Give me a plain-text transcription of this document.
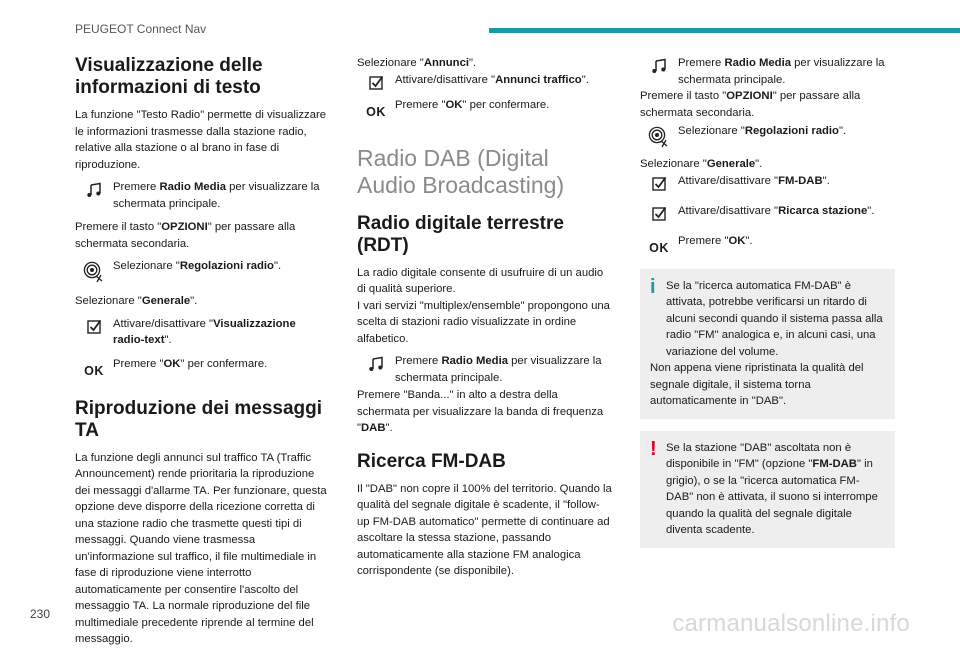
PEUGEOT Connect Nav
Visualizzazione delle informazioni di testo

La funzione "Testo Radio" permette di visualizzare le informazioni trasmesse dalla stazione radio, relative alla stazione o al brano in fase di riproduzione.

Premere Radio Media per visualizzare la schermata principale.

Premere il tasto "OPZIONI" per passare alla schermata secondaria.

Selezionare "Regolazioni radio".

Selezionare "Generale".

Attivare/disattivare "Visualizzazione radio-text".
OK Premere "OK" per confermare.
Riproduzione dei messaggi TA

La funzione degli annunci sul traffico TA (Traffic Announcement) rende prioritaria la riproduzione dei messaggi d'allarme TA. Per funzionare, questa opzione deve disporre della ricezione corretta di una stazione radio che trasmette questi tipi di messaggi. Quando viene trasmessa un'informazione sul traffico, il file multimediale in fase di riproduzione viene interrotto automaticamente per consentire l'ascolto del messaggio TA. La normale riproduzione del file multimediale precedente riprende al termine del messaggio.

Selezionare "Annunci".

Attivare/disattivare "Annunci traffico".
OK Premere "OK" per confermare.
Radio DAB (Digital Audio Broadcasting)
Radio digitale terrestre (RDT)

La radio digitale consente di usufruire di un audio di qualità superiore.

I vari servizi "multiplex/ensemble" propongono una scelta di stazioni radio visualizzate in ordine alfabetico.

Premere Radio Media per visualizzare la schermata principale.

Premere "Banda..." in alto a destra della schermata per visualizzare la banda di frequenza "DAB".

Ricerca FM-DAB

Il "DAB" non copre il 100% del territorio. Quando la qualità del segnale digitale è scadente, il "follow-up FM-DAB automatico" permette di continuare ad ascoltare la stessa stazione, passando automaticamente alla stazione FM analogica corrispondente (se disponibile).

Premere Radio Media per visualizzare la schermata principale.

Premere il tasto "OPZIONI" per passare alla schermata secondaria.

Selezionare "Regolazioni radio".

Selezionare "Generale".

Attivare/disattivare "FM-DAB".
Attivare/disattivare "Ricarca stazione".
OK Premere "OK".
i Se la "ricerca automatica FM-DAB" è attivata, potrebbe verificarsi un ritardo di alcuni secondi quando il sistema passa alla radio "FM" analogica e, in alcuni casi, una variazione del volume.
Non appena viene ripristinata la qualità del segnale digitale, il sistema torna automaticamente in "DAB".
! Se la stazione "DAB" ascoltata non è disponibile in "FM" (opzione "FM-DAB" in grigio), o se la "ricerca automatica FM-DAB" non è attivata, il suono si interrompe quando la qualità del segnale digitale diventa scadente.
230	carmanualsonline.info
